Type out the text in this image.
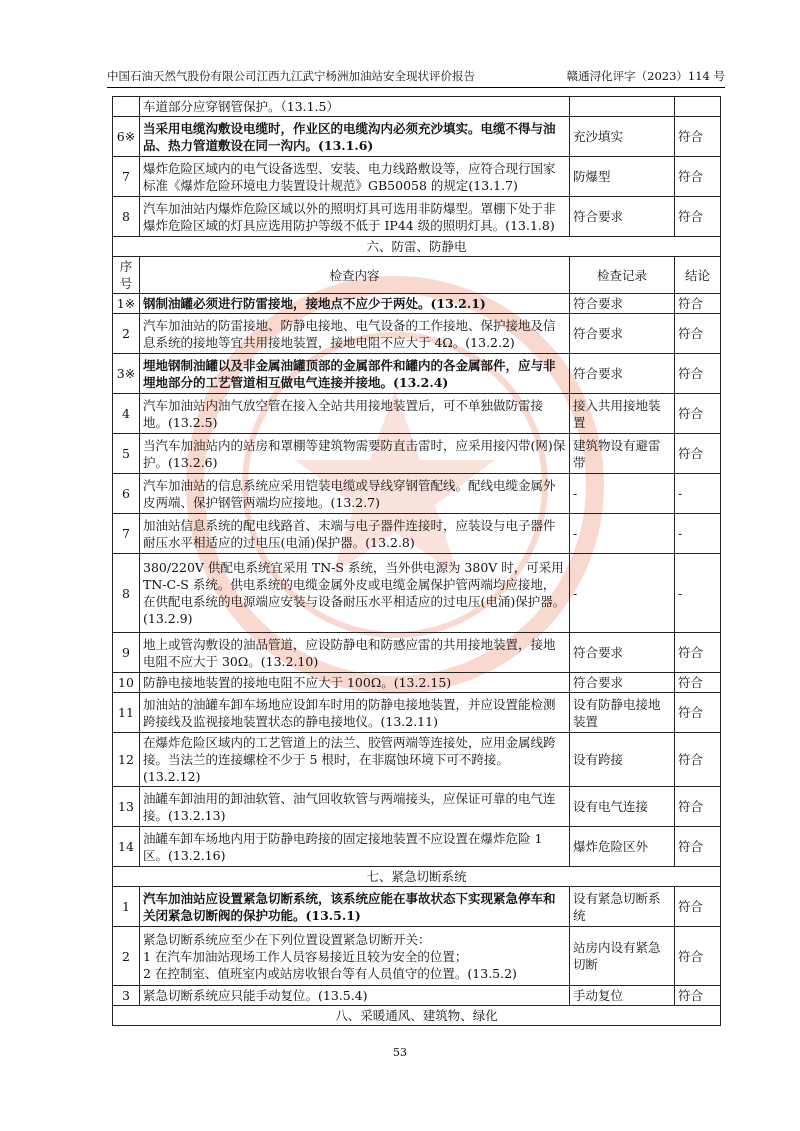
中国石油天然气股份有限公司江西九江武宁杨洲加油站安全现状评价报告	赣通浔化评字（2023）114 号
	车道部分应穿钢管保护。（13.1.5）		
6※	当采用电缆沟敷设电缆时，作业区的电缆沟内必须充沙填实。电缆不得与油品、热力管道敷设在同一沟内。(13.1.6)	充沙填实	符合
7	爆炸危险区域内的电气设备选型、安装、电力线路敷设等，应符合现行国家标准《爆炸危险环境电力装置设计规范》GB50058 的规定(13.1.7)	防爆型	符合
8	汽车加油站内爆炸危险区域以外的照明灯具可选用非防爆型。罩棚下处于非爆炸危险区域的灯具应选用防护等级不低于 IP44 级的照明灯具。(13.1.8)	符合要求	符合
六、防雷、防静电			
序号	检查内容	检查记录	结论
1※	钢制油罐必须进行防雷接地，接地点不应少于两处。(13.2.1)	符合要求	符合
2	汽车加油站的防雷接地、防静电接地、电气设备的工作接地、保护接地及信息系统的接地等宜共用接地装置，接地电阻不应大于 4Ω。(13.2.2)	符合要求	符合
3※	埋地钢制油罐以及非金属油罐顶部的金属部件和罐内的各金属部件，应与非埋地部分的工艺管道相互做电气连接并接地。(13.2.4)	符合要求	符合
4	汽车加油站内油气放空管在接入全站共用接地装置后，可不单独做防雷接地。(13.2.5)	接入共用接地装置	符合
5	当汽车加油站内的站房和罩棚等建筑物需要防直击雷时，应采用接闪带(网)保护。(13.2.6)	建筑物设有避雷带	符合
6	汽车加油站的信息系统应采用铠装电缆或导线穿钢管配线。配线电缆金属外皮两端、保护钢管两端均应接地。(13.2.7)	-	-
7	加油站信息系统的配电线路首、末端与电子器件连接时，应装设与电子器件耐压水平相适应的过电压(电涌)保护器。(13.2.8)	-	-
8	380/220V 供配电系统宜采用 TN-S 系统，当外供电源为 380V 时，可采用 TN-C-S 系统。供电系统的电缆金属外皮或电缆金属保护管两端均应接地，在供配电系统的电源端应安装与设备耐压水平相适应的过电压(电涌)保护器。(13.2.9)	-	-
9	地上或管沟敷设的油品管道，应设防静电和防感应雷的共用接地装置，接地电阻不应大于 30Ω。(13.2.10)	符合要求	符合
10	防静电接地装置的接地电阻不应大于 100Ω。(13.2.15)	符合要求	符合
11	加油站的油罐车卸车场地应设卸车时用的防静电接地装置，并应设置能检测跨接线及监视接地装置状态的静电接地仪。(13.2.11)	设有防静电接地装置	符合
12	在爆炸危险区域内的工艺管道上的法兰、胶管两端等连接处，应用金属线跨接。当法兰的连接螺栓不少于 5 根时，在非腐蚀环境下可不跨接。(13.2.12)	设有跨接	符合
13	油罐车卸油用的卸油软管、油气回收软管与两端接头，应保证可靠的电气连接。(13.2.13)	设有电气连接	符合
14	油罐车卸车场地内用于防静电跨接的固定接地装置不应设置在爆炸危险 1 区。(13.2.16)	爆炸危险区外	符合
七、紧急切断系统			
1	汽车加油站应设置紧急切断系统，该系统应能在事故状态下实现紧急停车和关闭紧急切断阀的保护功能。(13.5.1)	设有紧急切断系统	符合
2	紧急切断系统应至少在下列位置设置紧急切断开关：
1 在汽车加油站现场工作人员容易接近且较为安全的位置；
2 在控制室、值班室内或站房收银台等有人员值守的位置。(13.5.2)	站房内设有紧急切断	符合
3	紧急切断系统应只能手动复位。(13.5.4)	手动复位	符合
八、采暖通风、建筑物、绿化			
53
